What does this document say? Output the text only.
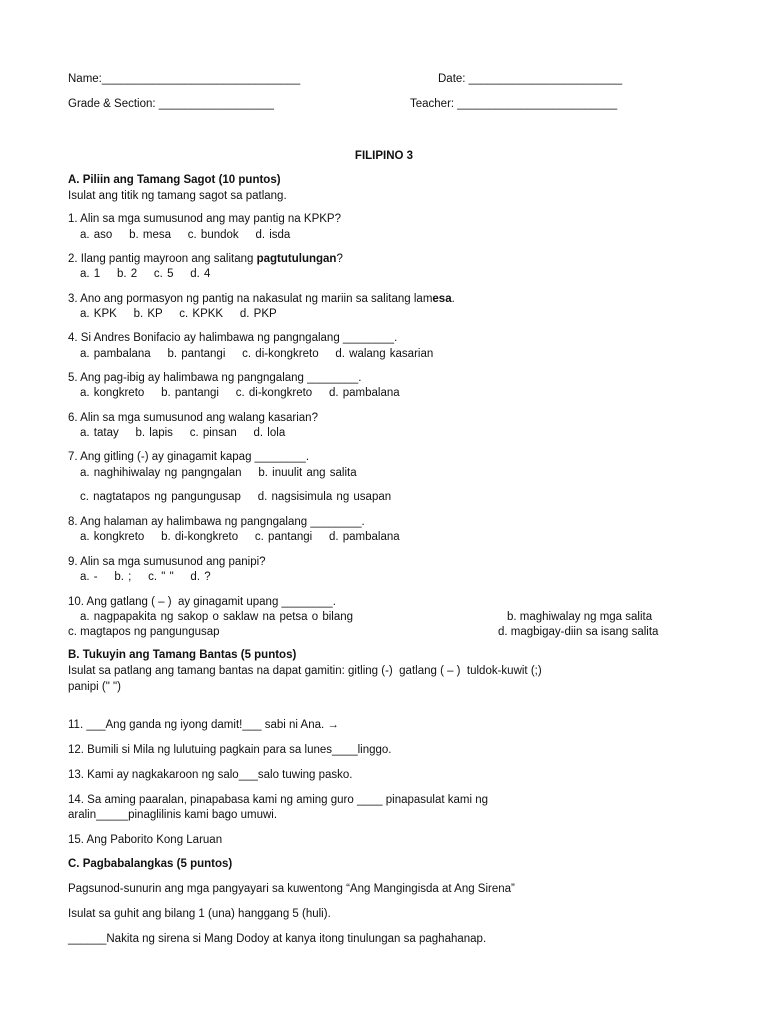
Name:_______________________________	Date: ________________________
Grade & Section: __________________	Teacher: _________________________
FILIPINO 3
A. Piliin ang Tamang Sagot (10 puntos)
Isulat ang titik ng tamang sagot sa patlang.
1. Alin sa mga sumusunod ang may pantig na KPKP?
a. aso    b. mesa    c. bundok    d. isda
2. Ilang pantig mayroon ang salitang pagtutulungan?
a. 1    b. 2    c. 5    d. 4
3. Ano ang pormasyon ng pantig na nakasulat ng mariin sa salitang lamesa.
a. KPK    b. KP    c. KPKK    d. PKP
4. Si Andres Bonifacio ay halimbawa ng pangngalang ________.
a. pambalana    b. pantangi    c. di-kongkreto    d. walang kasarian
5. Ang pag-ibig ay halimbawa ng pangngalang ________.
a. kongkreto    b. pantangi    c. di-kongkreto    d. pambalana
6. Alin sa mga sumusunod ang walang kasarian?
a. tatay    b. lapis    c. pinsan    d. lola
7. Ang gitling (-) ay ginagamit kapag ________.
a. naghihiwalay ng pangngalan    b. inuulit ang salita
c. nagtatapos ng pangungusap    d. nagsisimula ng usapan
8. Ang halaman ay halimbawa ng pangngalang ________.
a. kongkreto    b. di-kongkreto    c. pantangi    d. pambalana
9. Alin sa mga sumusunod ang panipi?
a. -    b. ;    c. " "    d. ?
10. Ang gatlang ( – )  ay ginagamit upang ________.
a. nagpapakita ng sakop o saklaw na petsa o bilang	b. maghiwalay ng mga salita
c. magtapos ng pangungusap	d. magbigay-diin sa isang salita
B. Tukuyin ang Tamang Bantas (5 puntos)
Isulat sa patlang ang tamang bantas na dapat gamitin: gitling (-)  gatlang ( – )  tuldok-kuwit (;)
panipi (" ")
11. ___Ang ganda ng iyong damit!___ sabi ni Ana. →
12. Bumili si Mila ng lulutuing pagkain para sa lunes____linggo.
13. Kami ay nagkakaroon ng salo___salo tuwing pasko.
14. Sa aming paaralan, pinapabasa kami ng aming guro ____ pinapasulat kami ng
aralin_____pinaglilinis kami bago umuwi.
15. Ang Paborito Kong Laruan
C. Pagbabalangkas (5 puntos)
Pagsunod-sunurin ang mga pangyayari sa kuwentong “Ang Mangingisda at Ang Sirena”
Isulat sa guhit ang bilang 1 (una) hanggang 5 (huli).
______Nakita ng sirena si Mang Dodoy at kanya itong tinulungan sa paghahanap.
